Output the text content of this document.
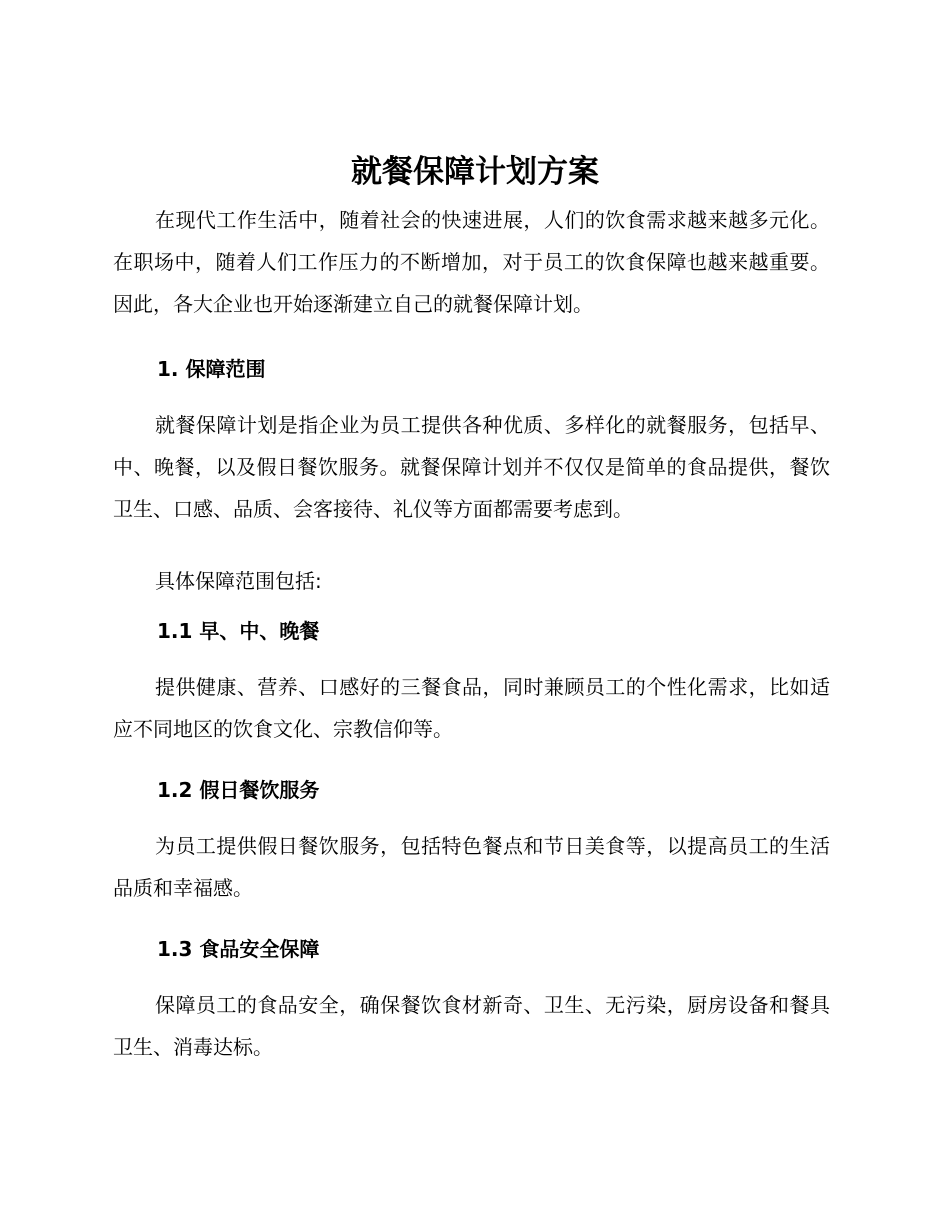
就餐保障计划方案

在现代工作生活中，随着社会的快速进展，人们的饮食需求越来越多元化。在职场中，随着人们工作压力的不断增加，对于员工的饮食保障也越来越重要。因此，各大企业也开始逐渐建立自己的就餐保障计划。

1. 保障范围

就餐保障计划是指企业为员工提供各种优质、多样化的就餐服务，包括早、中、晚餐，以及假日餐饮服务。就餐保障计划并不仅仅是简单的食品提供，餐饮卫生、口感、品质、会客接待、礼仪等方面都需要考虑到。

具体保障范围包括:

1.1 早、中、晚餐

提供健康、营养、口感好的三餐食品，同时兼顾员工的个性化需求，比如适应不同地区的饮食文化、宗教信仰等。

1.2 假日餐饮服务

为员工提供假日餐饮服务，包括特色餐点和节日美食等，以提高员工的生活品质和幸福感。

1.3 食品安全保障

保障员工的食品安全，确保餐饮食材新奇、卫生、无污染，厨房设备和餐具卫生、消毒达标。
